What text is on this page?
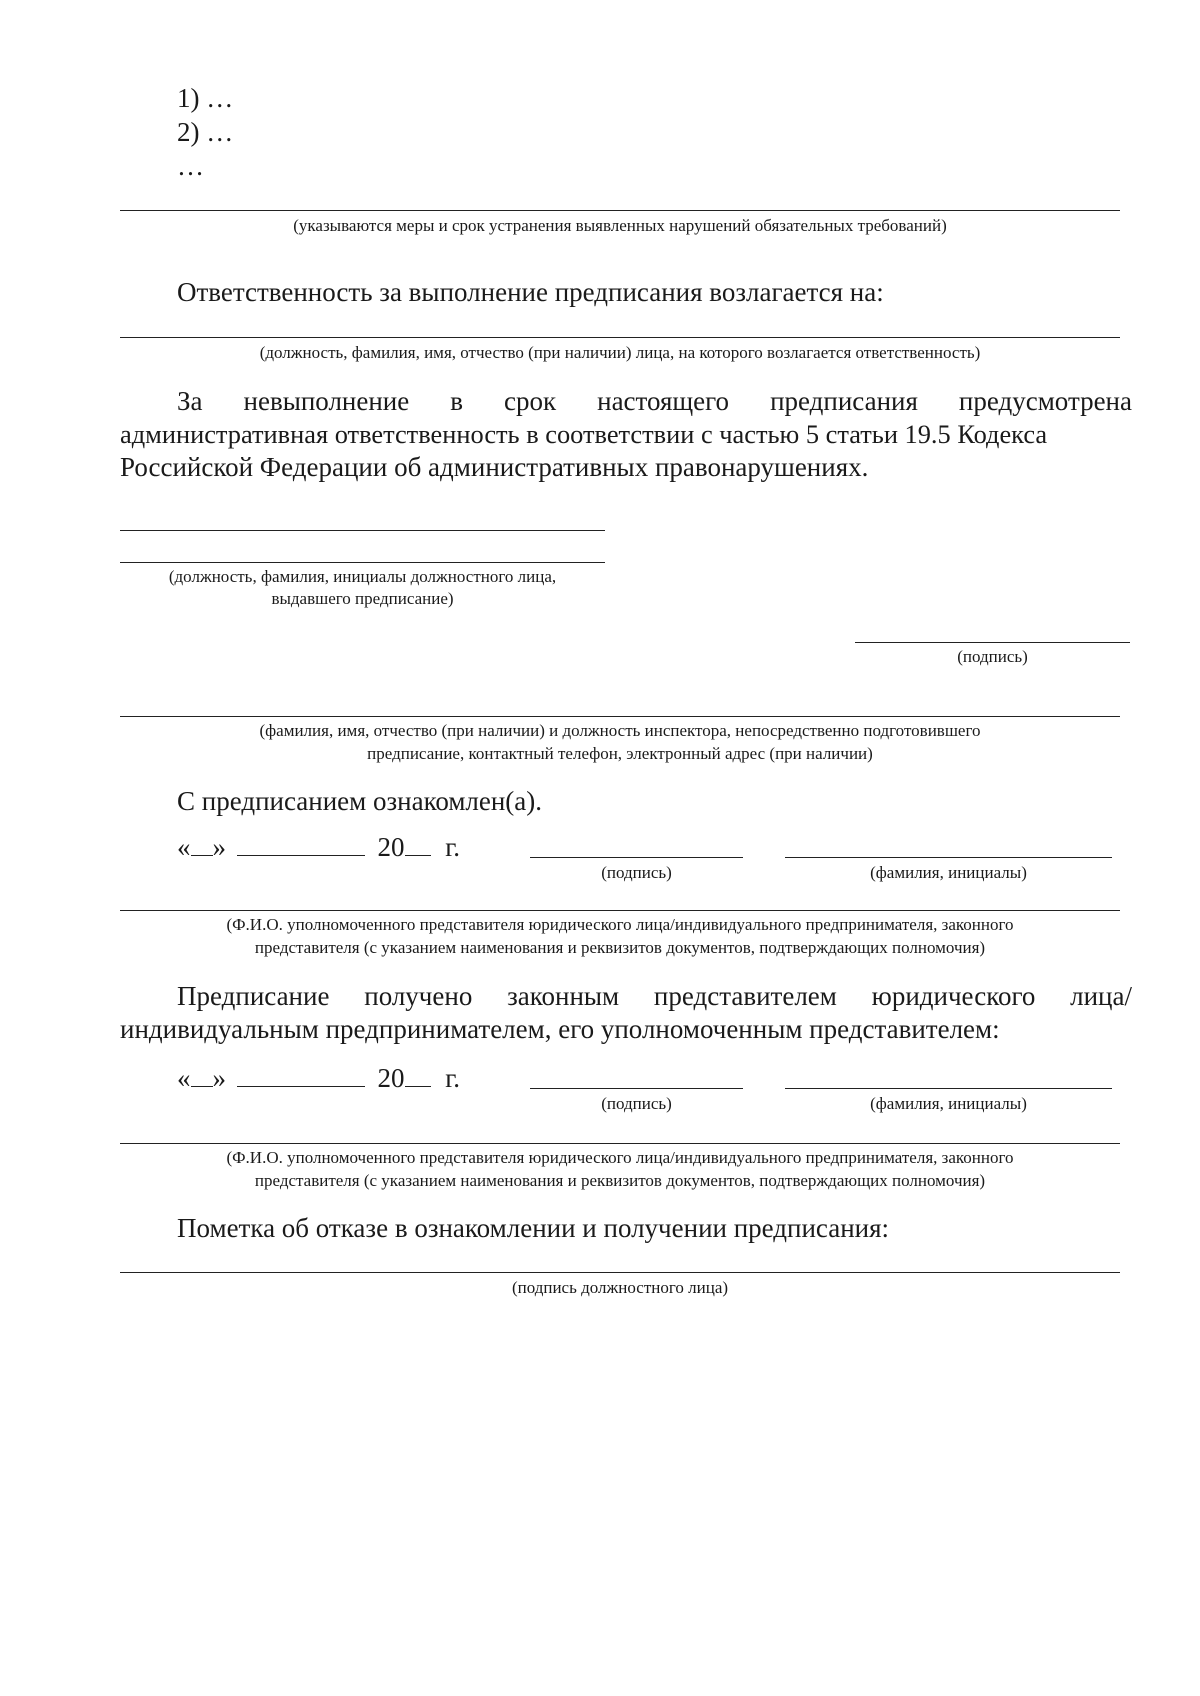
1) …
2) …
…
(указываются меры и срок устранения выявленных нарушений обязательных требований)
Ответственность за выполнение предписания возлагается на:
(должность, фамилия, имя, отчество (при наличии) лица, на которого возлагается ответственность)
За невыполнение в срок настоящего предписания предусмотрена
административная ответственность в соответствии с частью 5 статьи 19.5 Кодекса
Российской Федерации об административных правонарушениях.
(должность, фамилия, инициалы должностного лица,
выдавшего предписание)
(подпись)
(фамилия, имя, отчество (при наличии) и должность инспектора, непосредственно подготовившего
предписание, контактный телефон, электронный адрес (при наличии)
С предписанием ознакомлен(а).
« »	20 г.
(подпись)	(фамилия, инициалы)
(Ф.И.О. уполномоченного представителя юридического лица/индивидуального предпринимателя, законного
представителя (с указанием наименования и реквизитов документов, подтверждающих полномочия)
Предписание получено законным представителем юридического лица/
индивидуальным предпринимателем, его уполномоченным представителем:
« »	20 г.
(подпись)	(фамилия, инициалы)
(Ф.И.О. уполномоченного представителя юридического лица/индивидуального предпринимателя, законного
представителя (с указанием наименования и реквизитов документов, подтверждающих полномочия)
Пометка об отказе в ознакомлении и получении предписания:
(подпись должностного лица)
